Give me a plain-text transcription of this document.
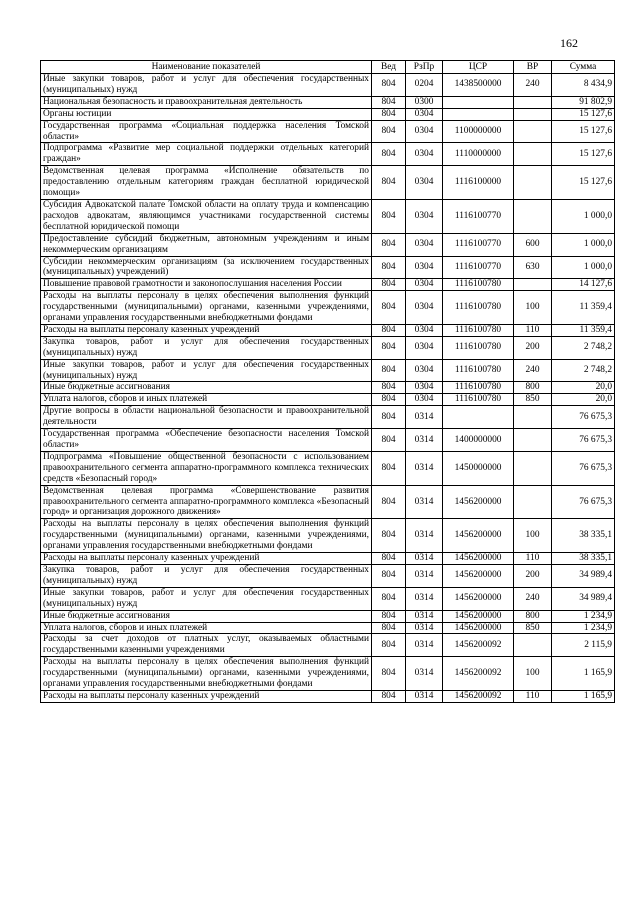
162
Наименование показателей	Вед	РзПр	ЦСР	ВР	Сумма
Иные закупки товаров, работ и услуг для обеспечения государственных (муниципальных) нужд	804	0204	1438500000	240	8 434,9
Национальная безопасность и правоохранительная деятельность	804	0300			91 802,9
Органы юстиции	804	0304			15 127,6
Государственная программа «Социальная поддержка населения Томской области»	804	0304	1100000000		15 127,6
Подпрограмма «Развитие мер социальной поддержки отдельных категорий граждан»	804	0304	1110000000		15 127,6
Ведомственная целевая программа «Исполнение обязательств по предоставлению отдельным категориям граждан бесплатной юридической помощи»	804	0304	1116100000		15 127,6
Субсидия Адвокатской палате Томской области на оплату труда и компенсацию расходов адвокатам, являющимся участниками государственной системы бесплатной юридической помощи	804	0304	1116100770		1 000,0
Предоставление субсидий бюджетным, автономным учреждениям и иным некоммерческим организациям	804	0304	1116100770	600	1 000,0
Субсидии некоммерческим организациям (за исключением государственных (муниципальных) учреждений)	804	0304	1116100770	630	1 000,0
Повышение правовой грамотности и законопослушания населения России	804	0304	1116100780		14 127,6
Расходы на выплаты персоналу в целях обеспечения выполнения функций государственными (муниципальными) органами, казенными учреждениями, органами управления государственными внебюджетными фондами	804	0304	1116100780	100	11 359,4
Расходы на выплаты персоналу казенных учреждений	804	0304	1116100780	110	11 359,4
Закупка товаров, работ и услуг для обеспечения государственных (муниципальных) нужд	804	0304	1116100780	200	2 748,2
Иные закупки товаров, работ и услуг для обеспечения государственных (муниципальных) нужд	804	0304	1116100780	240	2 748,2
Иные бюджетные ассигнования	804	0304	1116100780	800	20,0
Уплата налогов, сборов и иных платежей	804	0304	1116100780	850	20,0
Другие вопросы в области национальной безопасности и правоохранительной деятельности	804	0314			76 675,3
Государственная программа «Обеспечение безопасности населения Томской области»	804	0314	1400000000		76 675,3
Подпрограмма «Повышение общественной безопасности с использованием правоохранительного сегмента аппаратно-программного комплекса технических средств «Безопасный город»	804	0314	1450000000		76 675,3
Ведомственная целевая программа «Совершенствование развития правоохранительного сегмента аппаратно-программного комплекса «Безопасный город» и организация дорожного движения»	804	0314	1456200000		76 675,3
Расходы на выплаты персоналу в целях обеспечения выполнения функций государственными (муниципальными) органами, казенными учреждениями, органами управления государственными внебюджетными фондами	804	0314	1456200000	100	38 335,1
Расходы на выплаты персоналу казенных учреждений	804	0314	1456200000	110	38 335,1
Закупка товаров, работ и услуг для обеспечения государственных (муниципальных) нужд	804	0314	1456200000	200	34 989,4
Иные закупки товаров, работ и услуг для обеспечения государственных (муниципальных) нужд	804	0314	1456200000	240	34 989,4
Иные бюджетные ассигнования	804	0314	1456200000	800	1 234,9
Уплата налогов, сборов и иных платежей	804	0314	1456200000	850	1 234,9
Расходы за счет доходов от платных услуг, оказываемых областными государственными казенными учреждениями	804	0314	1456200092		2 115,9
Расходы на выплаты персоналу в целях обеспечения выполнения функций государственными (муниципальными) органами, казенными учреждениями, органами управления государственными внебюджетными фондами	804	0314	1456200092	100	1 165,9
Расходы на выплаты персоналу казенных учреждений	804	0314	1456200092	110	1 165,9
